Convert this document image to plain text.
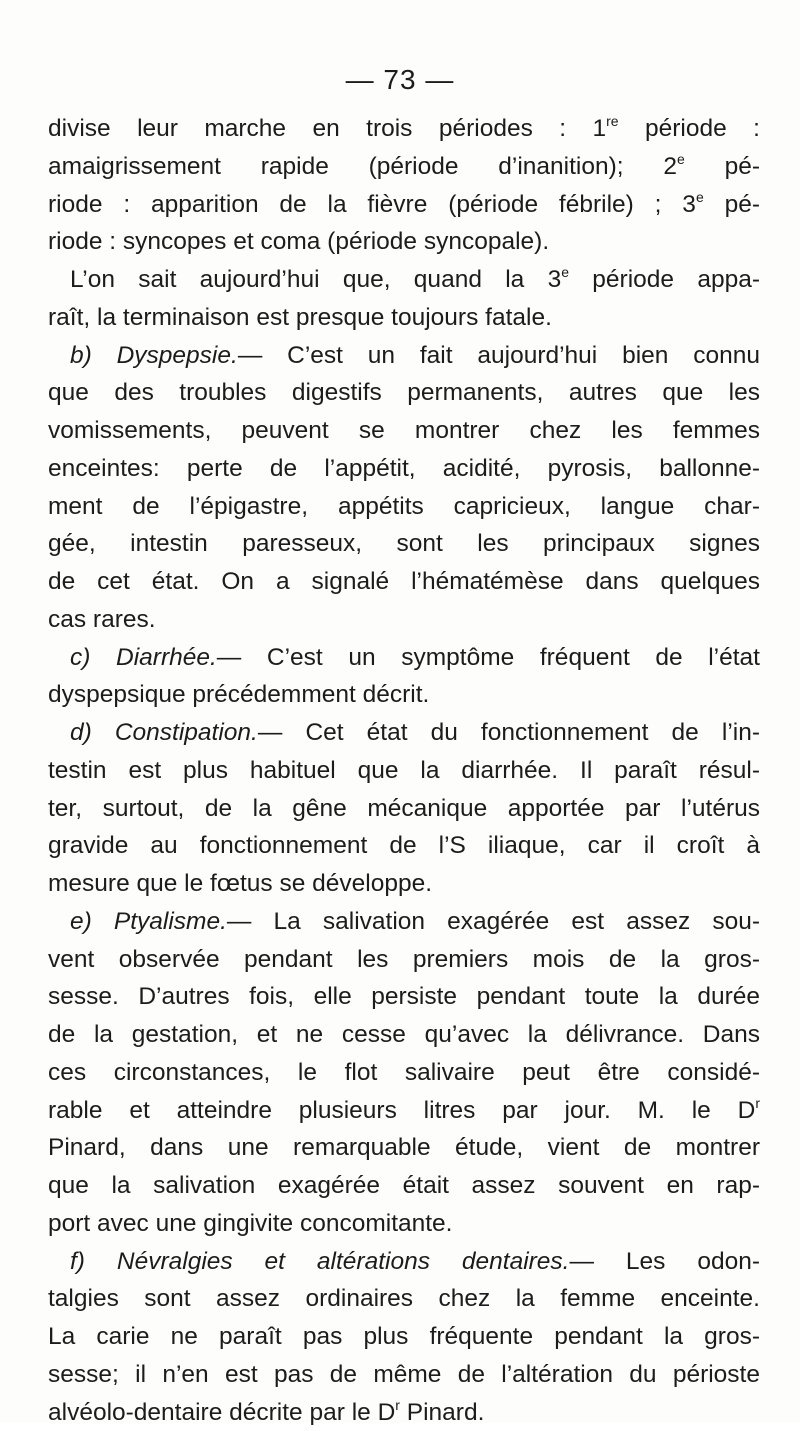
— 73 —
divise leur marche en trois périodes : 1re période :
amaigrissement rapide (période d’inanition); 2e pé-
riode : apparition de la fièvre (période fébrile) ; 3e pé-
riode : syncopes et coma (période syncopale).
L’on sait aujourd’hui que, quand la 3e période appa-
raît, la terminaison est presque toujours fatale.
b) Dyspepsie.— C’est un fait aujourd’hui bien connu
que des troubles digestifs permanents, autres que les
vomissements, peuvent se montrer chez les femmes
enceintes: perte de l’appétit, acidité, pyrosis, ballonne-
ment de l’épigastre, appétits capricieux, langue char-
gée, intestin paresseux, sont les principaux signes
de cet état. On a signalé l’hématémèse dans quelques
cas rares.
c) Diarrhée.— C’est un symptôme fréquent de l’état
dyspepsique précédemment décrit.
d) Constipation.— Cet état du fonctionnement de l’in-
testin est plus habituel que la diarrhée. Il paraît résul-
ter, surtout, de la gêne mécanique apportée par l’utérus
gravide au fonctionnement de l’S iliaque, car il croît à
mesure que le fœtus se développe.
e) Ptyalisme.— La salivation exagérée est assez sou-
vent observée pendant les premiers mois de la gros-
sesse. D’autres fois, elle persiste pendant toute la durée
de la gestation, et ne cesse qu’avec la délivrance. Dans
ces circonstances, le flot salivaire peut être considé-
rable et atteindre plusieurs litres par jour. M. le $D^r$
Pinard, dans une remarquable étude, vient de montrer
que la salivation exagérée était assez souvent en rap-
port avec une gingivite concomitante.
f) Névralgies et altérations dentaires.— Les odon-
talgies sont assez ordinaires chez la femme enceinte.
La carie ne paraît pas plus fréquente pendant la gros-
sesse; il n’en est pas de même de l’altération du périoste
alvéolo-dentaire décrite par le $D^r$ Pinard.
